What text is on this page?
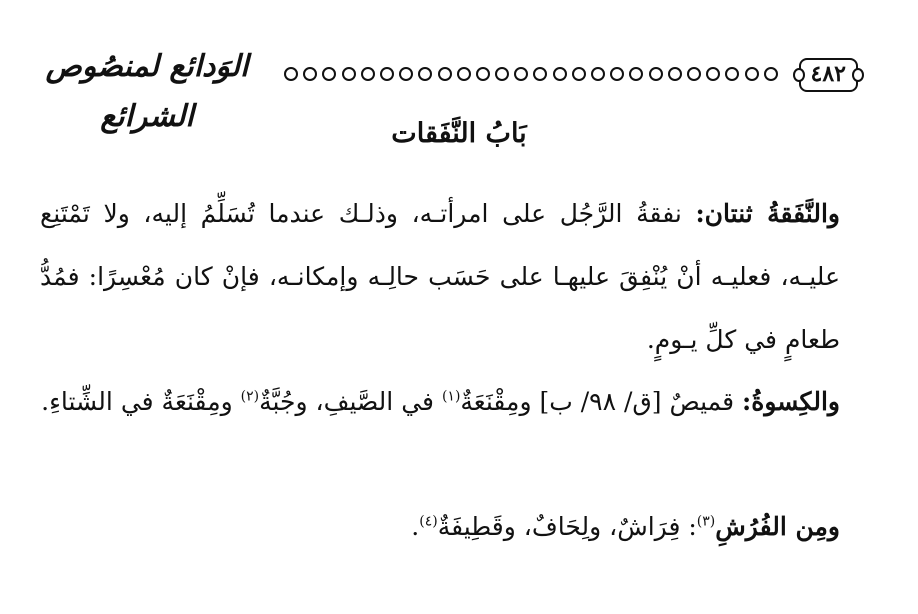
٤٨٢
الوَدائع لمنصُوص الشرائع	بَابُ النَّفَقات
والنَّفَقةُ ثنتان: نفقةُ الرَّجُل على امرأتـه، وذلـك عندما تُسَلِّمُ إليه، ولا تَمْتَنِع عليـه، فعليـه أنْ يُنْفِقَ عليهـا على حَسَب حالِـه وإمكانـه، فإنْ كان مُعْسِرًا: فمُدُّ طعامٍ في كلِّ يـومٍ.
والكِسوةُ: قميصٌ [ق/ ٩٨/ ب] ومِقْنَعَةٌ$^{(١)}$ في الصَّيفِ، وجُبَّةٌ$^{(٢)}$ ومِقْنَعَةٌ في الشِّتاءِ.
ومِن الفُرُشِ$^{(٣)}$: فِرَاشٌ، ولِحَافٌ، وقَطِيفَةٌ$^{(٤)}$.
